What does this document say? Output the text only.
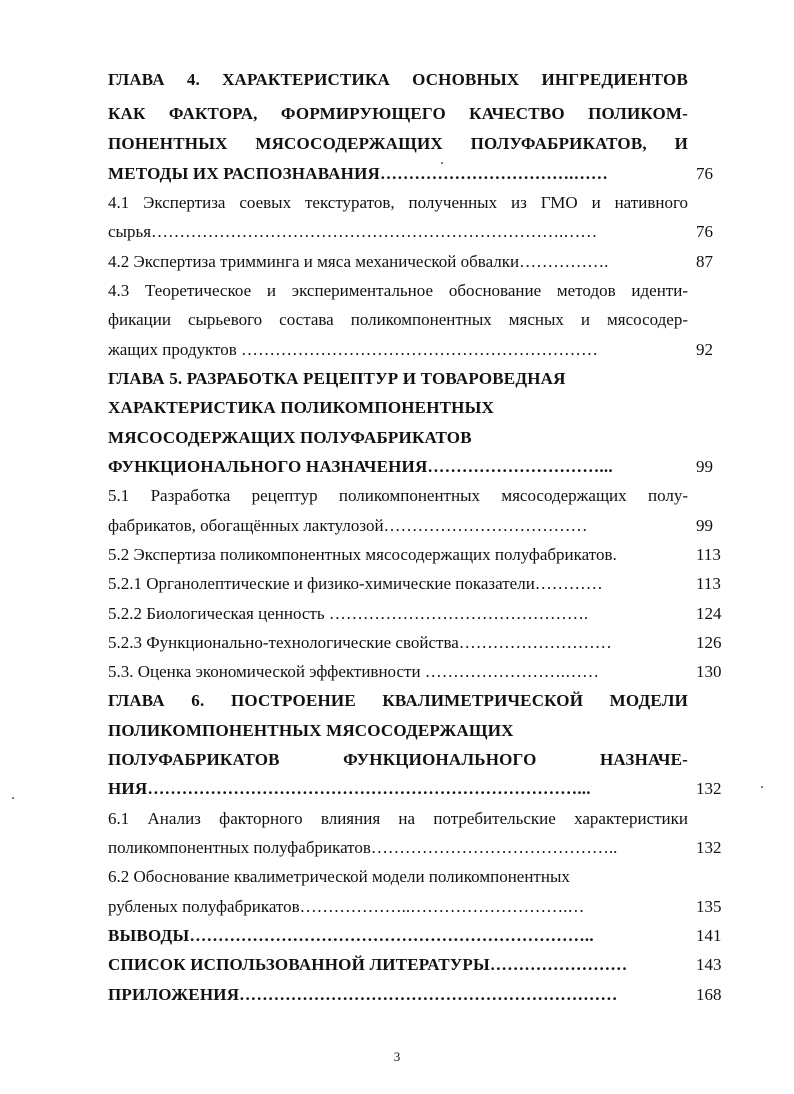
ГЛАВА 4. ХАРАКТЕРИСТИКА ОСНОВНЫХ ИНГРЕДИЕНТОВ
КАК ФАКТОРА, ФОРМИРУЮЩЕГО КАЧЕСТВО ПОЛИКОМ-
ПОНЕНТНЫХ МЯСОСОДЕРЖАЩИХ ПОЛУФАБРИКАТОВ, И
МЕТОДЫ ИХ РАСПОЗНАВАНИЯ…………………………….……	76
4.1 Экспертиза соевых текстуратов, полученных из ГМО и нативного
сырья……………………………………………………………….……	76
4.2 Экспертиза тримминга и мяса механической обвалки…………….	87
4.3 Теоретическое и экспериментальное обоснование методов иденти-
фикации сырьевого состава поликомпонентных мясных и мясосодер-
жащих продуктов ………………………………………………………	92
ГЛАВА 5. РАЗРАБОТКА РЕЦЕПТУР И ТОВАРОВЕДНАЯ
ХАРАКТЕРИСТИКА ПОЛИКОМПОНЕНТНЫХ
МЯСОСОДЕРЖАЩИХ ПОЛУФАБРИКАТОВ
ФУНКЦИОНАЛЬНОГО НАЗНАЧЕНИЯ…………………………...	99
5.1 Разработка рецептур поликомпонентных мясосодержащих полу-
фабрикатов, обогащённых лактулозой………………………………	99
5.2 Экспертиза поликомпонентных мясосодержащих полуфабрикатов.	113
5.2.1 Органолептические и физико-химические показатели…………	113
5.2.2 Биологическая ценность ……………………………………….	124
5.2.3 Функционально-технологические свойства………………………	126
5.3. Оценка экономической эффективности …………………….……	130
ГЛАВА 6. ПОСТРОЕНИЕ КВАЛИМЕТРИЧЕСКОЙ МОДЕЛИ
ПОЛИКОМПОНЕНТНЫХ МЯСОСОДЕРЖАЩИХ
ПОЛУФАБРИКАТОВ ФУНКЦИОНАЛЬНОГО НАЗНАЧЕ-
НИЯ…………………………………………………………………...	132
6.1 Анализ факторного влияния на потребительские характеристики
поликомпонентных полуфабрикатов……………………………………..	132
6.2 Обоснование квалиметрической модели поликомпонентных
рубленых полуфабрикатов………………..……………………….…	135
ВЫВОДЫ……………………………………………………………..	141
СПИСОК ИСПОЛЬЗОВАННОЙ ЛИТЕРАТУРЫ……………………	143
ПРИЛОЖЕНИЯ…………………………………………………………	168
3
